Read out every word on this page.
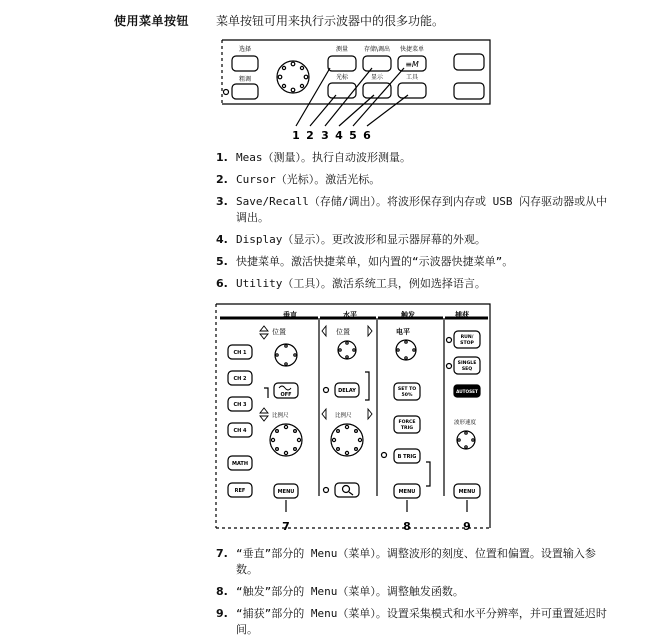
使用菜单按钮 菜单按钮可用来执行示波器中的很多功能。
选择
粗调
测量	存储\调出 快捷菜单
≡M
光标	显示	工具
1 2 3 4 5 6
1. Meas（测量）。执行自动波形测量。
2. Cursor（光标）。激活光标。
3. Save/Recall（存储/调出）。将波形保存到内存或 USB 闪存驱动器或从中调出。
4. Display（显示）。更改波形和显示器屏幕的外观。
5. 快捷菜单。激活快捷菜单，如内置的“示波器快捷菜单”。
6. Utility（工具）。激活系统工具，例如选择语言。
垂直	水平	触发	捕获
位置	位置	电平
比例尺	比例尺
波形速度
CH 1
CH 2
CH 3
CH 4
MATH
REF
OFF
MENU
DELAY
B TRIG
MENU	MENU
AUTOSET
SET TO 50%
FORCE TRIG
RUN/ STOP
SINGLE SEQ
7	8	9
7. “垂直”部分的 Menu（菜单）。调整波形的刻度、位置和偏置。设置输入参数。
8. “触发”部分的 Menu（菜单）。调整触发函数。
9. “捕获”部分的 Menu（菜单）。设置采集模式和水平分辨率，并可重置延迟时间。
